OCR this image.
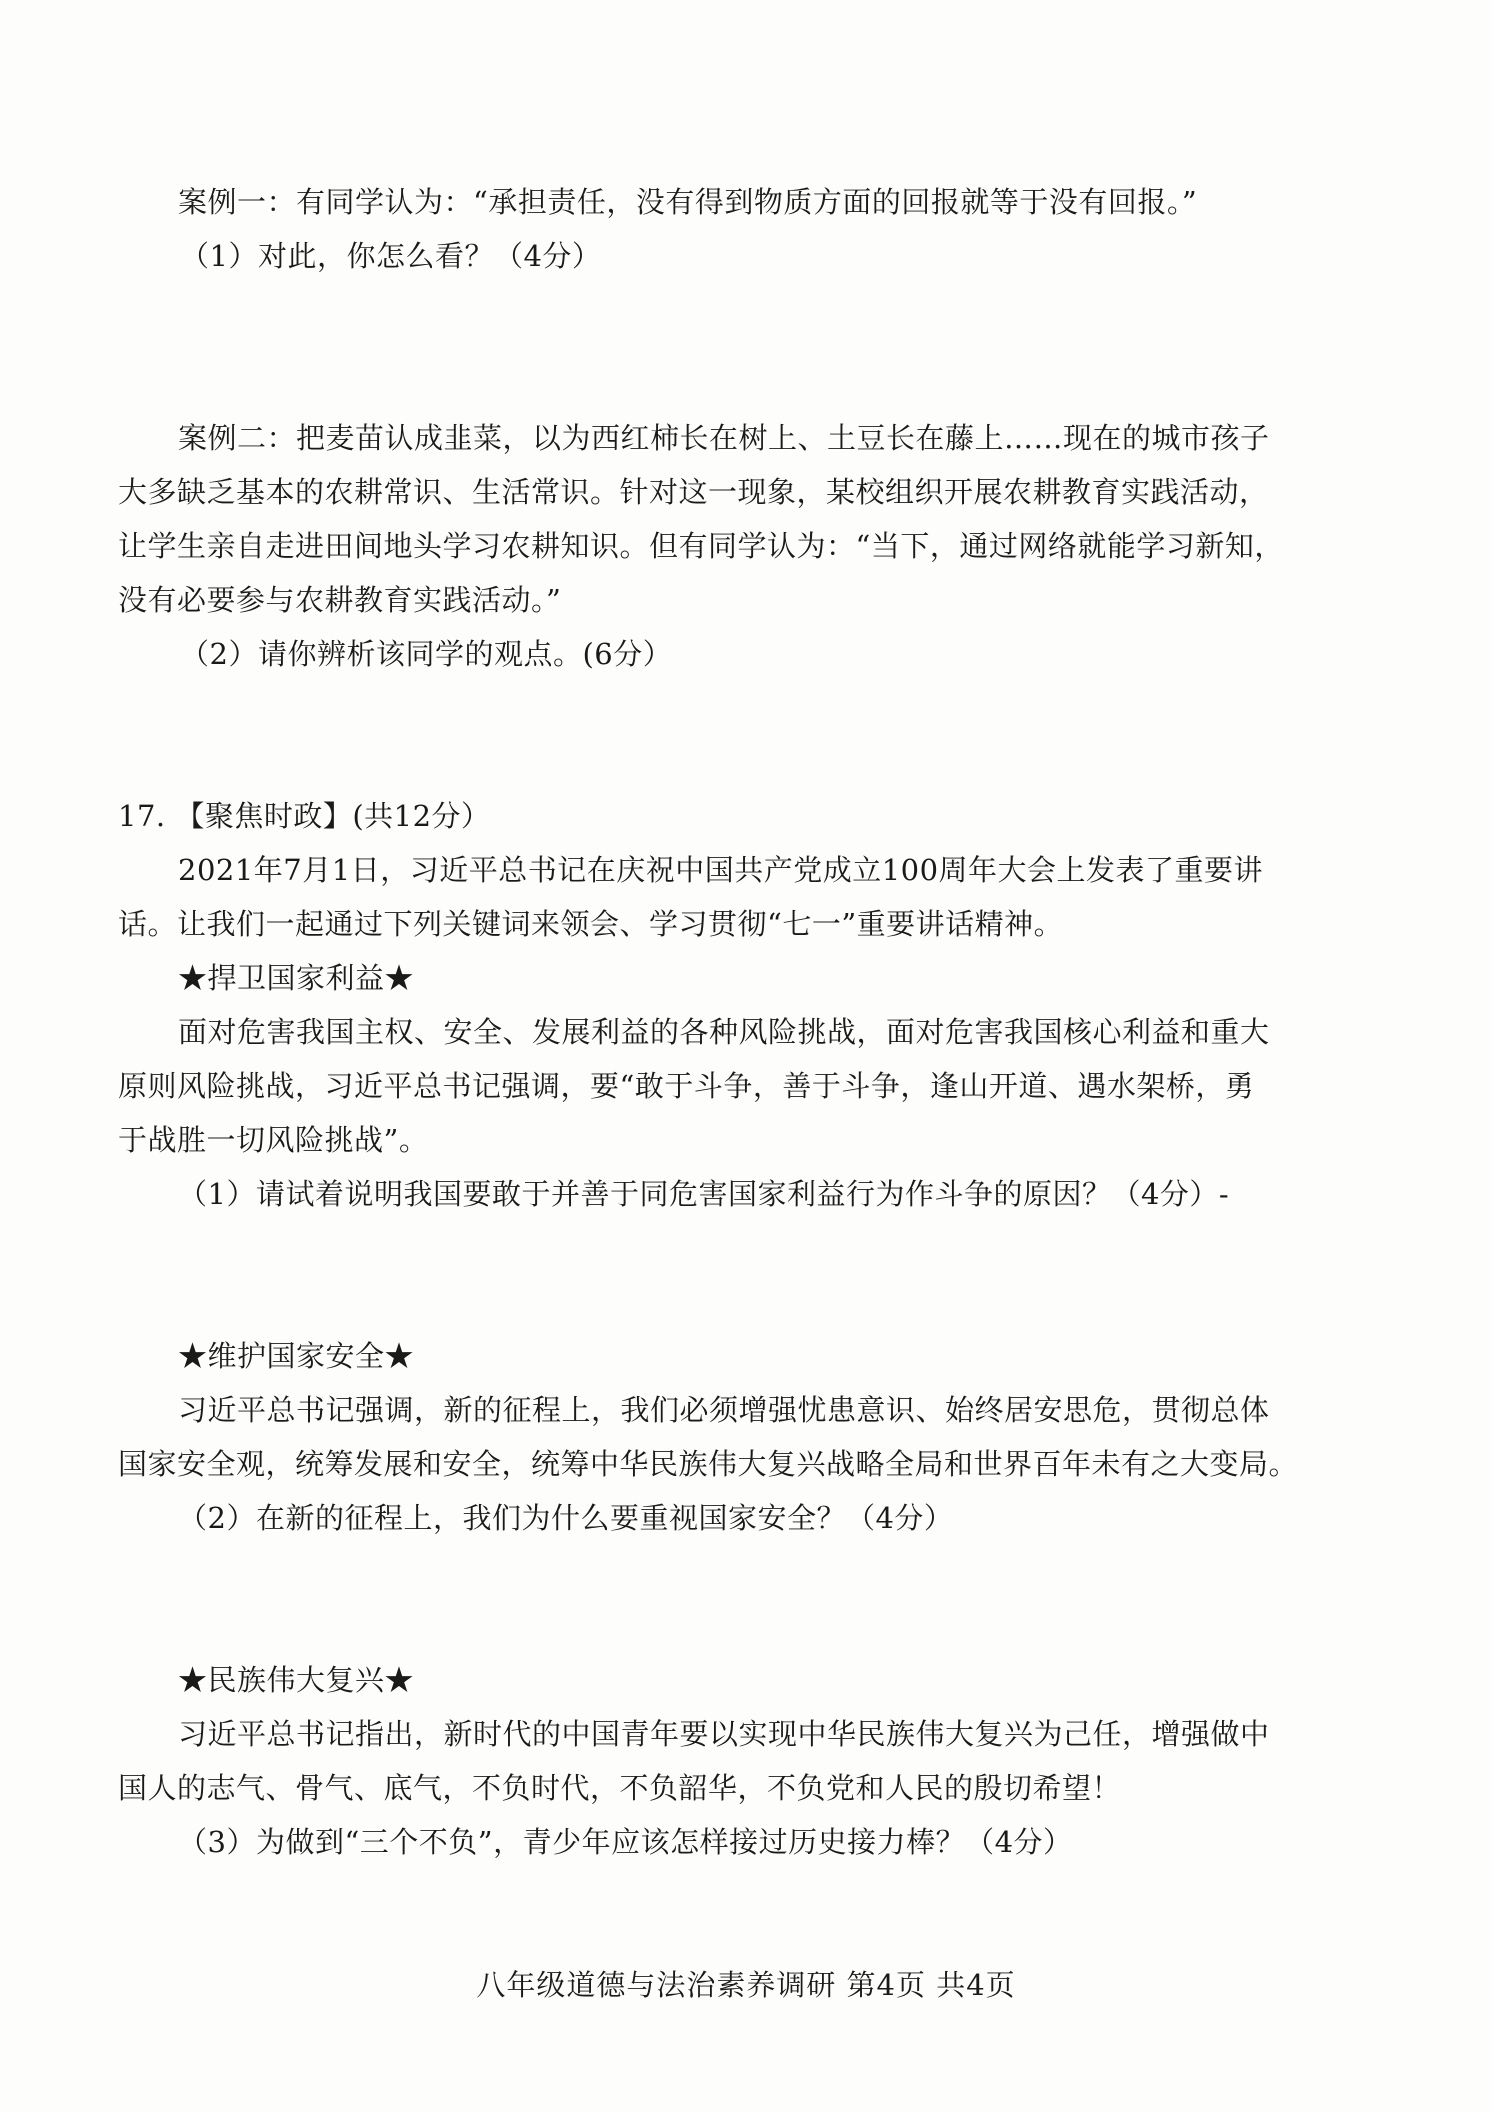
案例一：有同学认为：“承担责任，没有得到物质方面的回报就等于没有回报。”
（1）对此，你怎么看？（4分）
案例二：把麦苗认成韭菜，以为西红柿长在树上、土豆长在藤上……现在的城市孩子
大多缺乏基本的农耕常识、生活常识。针对这一现象，某校组织开展农耕教育实践活动，
让学生亲自走进田间地头学习农耕知识。但有同学认为：“当下，通过网络就能学习新知，
没有必要参与农耕教育实践活动。”
（2）请你辨析该同学的观点。(6分）
17. 【聚焦时政】(共12分）
2021年7月1日，习近平总书记在庆祝中国共产党成立100周年大会上发表了重要讲
话。让我们一起通过下列关键词来领会、学习贯彻“七一”重要讲话精神。
★捍卫国家利益★
面对危害我国主权、安全、发展利益的各种风险挑战，面对危害我国核心利益和重大
原则风险挑战，习近平总书记强调，要“敢于斗争，善于斗争，逢山开道、遇水架桥，勇
于战胜一切风险挑战”。
（1）请试着说明我国要敢于并善于同危害国家利益行为作斗争的原因？（4分）-
★维护国家安全★
习近平总书记强调，新的征程上，我们必须增强忧患意识、始终居安思危，贯彻总体
国家安全观，统筹发展和安全，统筹中华民族伟大复兴战略全局和世界百年未有之大变局。
（2）在新的征程上，我们为什么要重视国家安全？（4分）
★民族伟大复兴★
习近平总书记指出，新时代的中国青年要以实现中华民族伟大复兴为己任，增强做中
国人的志气、骨气、底气，不负时代，不负韶华，不负党和人民的殷切希望！
（3）为做到“三个不负”，青少年应该怎样接过历史接力棒？（4分）
八年级道德与法治素养调研 第4页 共4页
